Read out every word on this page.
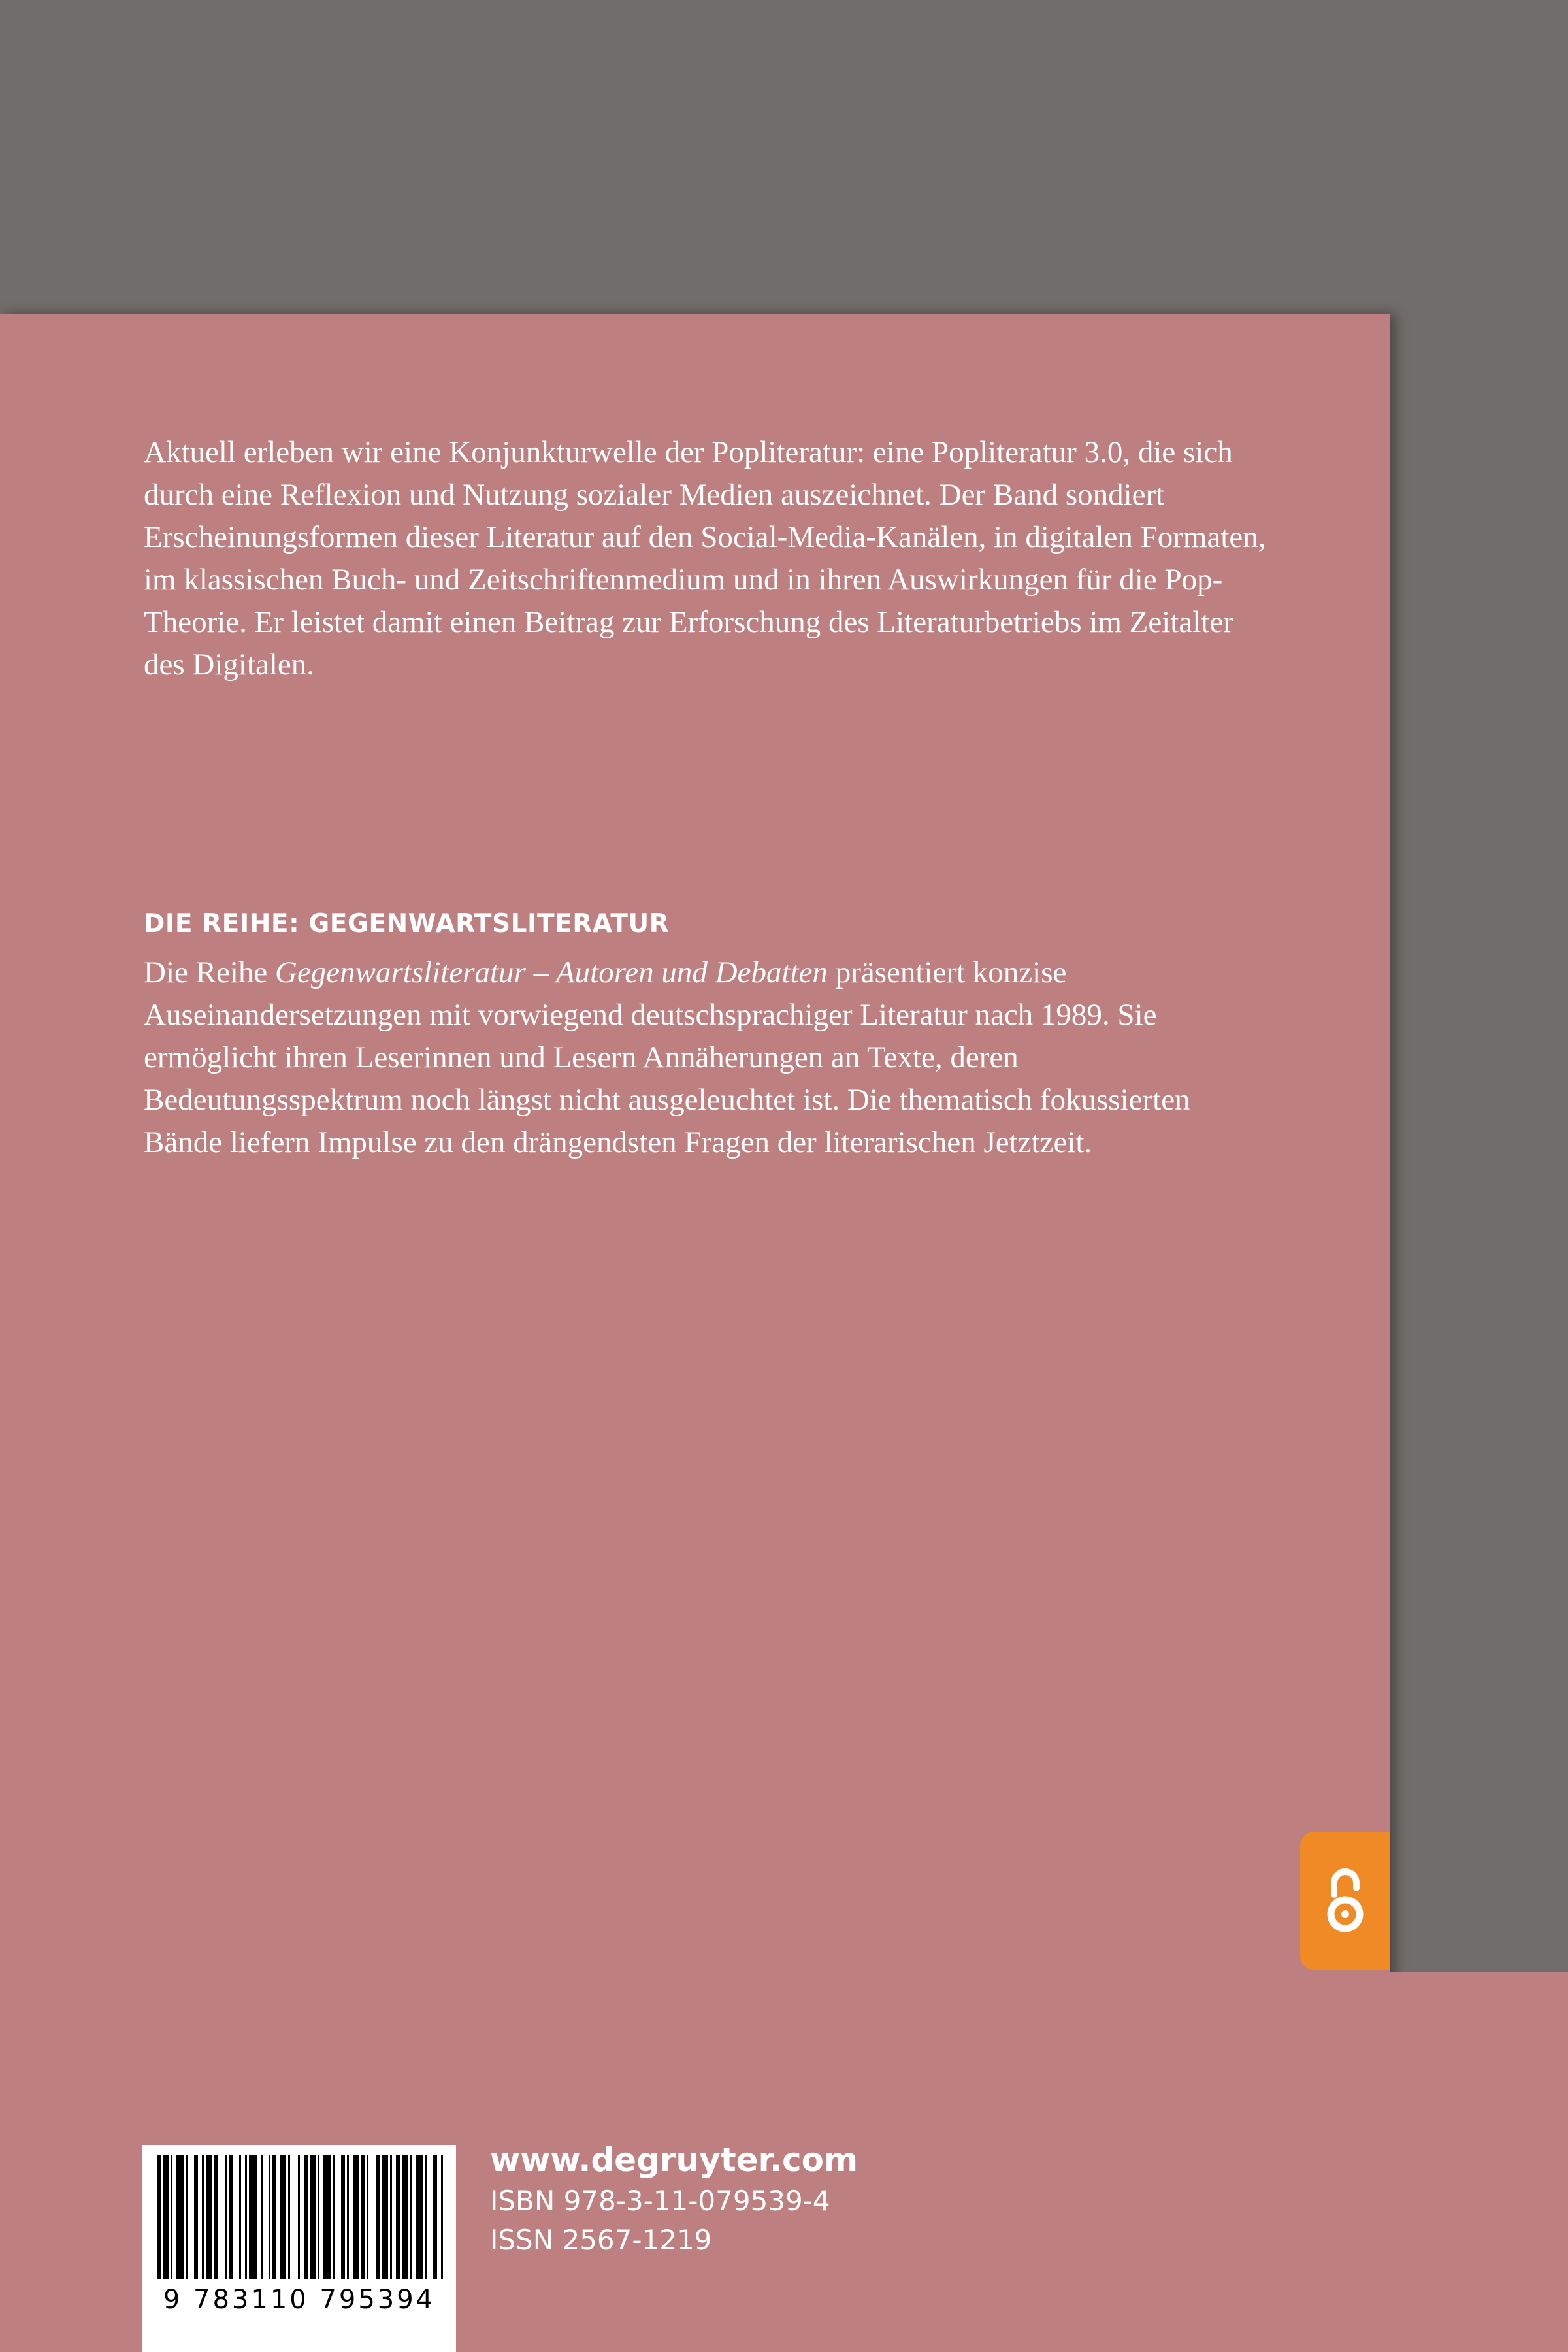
Aktuell erleben wir eine Konjunkturwelle der Popliteratur: eine Popliteratur 3.0, die sich durch eine Reflexion und Nutzung sozialer Medien auszeichnet. Der Band sondiert Erscheinungsformen dieser Literatur auf den Social-Media-Kanälen, in digitalen Formaten, im klassischen Buch- und Zeitschriftenmedium und in ihren Auswirkungen für die Pop-Theorie. Er leistet damit einen Beitrag zur Erforschung des Literaturbetriebs im Zeitalter des Digitalen.

DIE REIHE: GEGENWARTSLITERATUR

Die Reihe Gegenwartsliteratur – Autoren und Debatten präsentiert konzise Auseinandersetzungen mit vorwiegend deutschsprachiger Literatur nach 1989. Sie ermöglicht ihren Leserinnen und Lesern Annäherungen an Texte, deren Bedeutungsspektrum noch längst nicht ausgeleuchtet ist. Die thematisch fokussierten Bände liefern Impulse zu den drängendsten Fragen der literarischen Jetztzeit.

9 783110 795394
www.degruyter.com
ISBN 978-3-11-079539-4
ISSN 2567-1219
